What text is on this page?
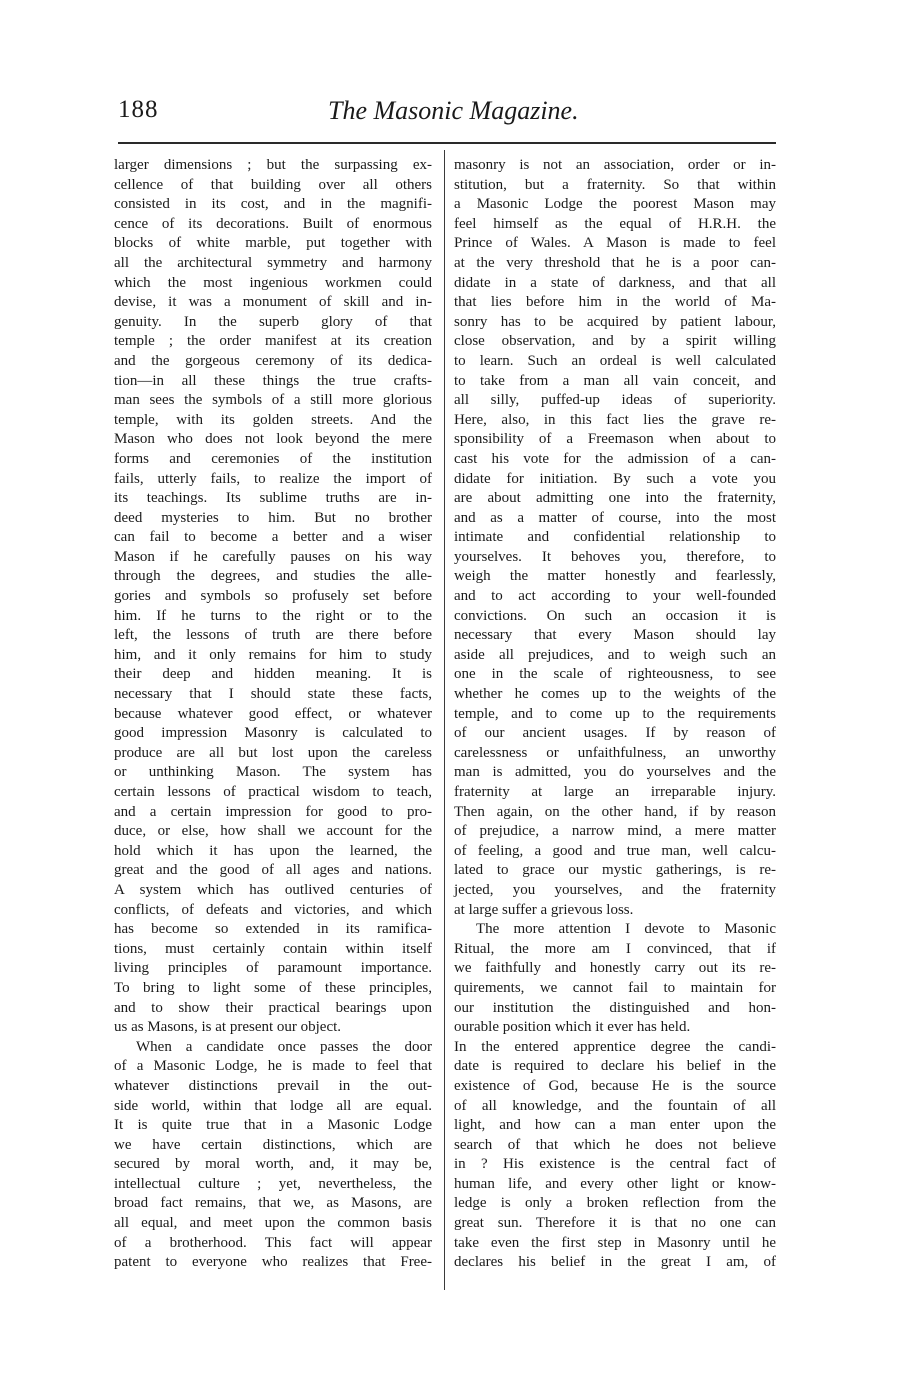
188	The Masonic Magazine.
larger dimensions ; but the surpassing ex-
cellence of that building over all others
consisted in its cost, and in the magnifi-
cence of its decorations. Built of enormous
blocks of white marble, put together with
all the architectural symmetry and harmony
which the most ingenious workmen could
devise, it was a monument of skill and in-
genuity. In the superb glory of that
temple ; the order manifest at its creation
and the gorgeous ceremony of its dedica-
tion—in all these things the true crafts-
man sees the symbols of a still more glorious
temple, with its golden streets. And the
Mason who does not look beyond the mere
forms and ceremonies of the institution
fails, utterly fails, to realize the import of
its teachings. Its sublime truths are in-
deed mysteries to him. But no brother
can fail to become a better and a wiser
Mason if he carefully pauses on his way
through the degrees, and studies the alle-
gories and symbols so profusely set before
him. If he turns to the right or to the
left, the lessons of truth are there before
him, and it only remains for him to study
their deep and hidden meaning. It is
necessary that I should state these facts,
because whatever good effect, or whatever
good impression Masonry is calculated to
produce are all but lost upon the careless
or unthinking Mason. The system has
certain lessons of practical wisdom to teach,
and a certain impression for good to pro-
duce, or else, how shall we account for the
hold which it has upon the learned, the
great and the good of all ages and nations.
A system which has outlived centuries of
conflicts, of defeats and victories, and which
has become so extended in its ramifica-
tions, must certainly contain within itself
living principles of paramount importance.
To bring to light some of these principles,
and to show their practical bearings upon
us as Masons, is at present our object.
When a candidate once passes the door
of a Masonic Lodge, he is made to feel that
whatever distinctions prevail in the out-
side world, within that lodge all are equal.
It is quite true that in a Masonic Lodge
we have certain distinctions, which are
secured by moral worth, and, it may be,
intellectual culture ; yet, nevertheless, the
broad fact remains, that we, as Masons, are
all equal, and meet upon the common basis
of a brotherhood. This fact will appear
patent to everyone who realizes that Free-
masonry is not an association, order or in-
stitution, but a fraternity. So that within
a Masonic Lodge the poorest Mason may
feel himself as the equal of H.R.H. the
Prince of Wales. A Mason is made to feel
at the very threshold that he is a poor can-
didate in a state of darkness, and that all
that lies before him in the world of Ma-
sonry has to be acquired by patient labour,
close observation, and by a spirit willing
to learn. Such an ordeal is well calculated
to take from a man all vain conceit, and
all silly, puffed-up ideas of superiority.
Here, also, in this fact lies the grave re-
sponsibility of a Freemason when about to
cast his vote for the admission of a can-
didate for initiation. By such a vote you
are about admitting one into the fraternity,
and as a matter of course, into the most
intimate and confidential relationship to
yourselves. It behoves you, therefore, to
weigh the matter honestly and fearlessly,
and to act according to your well-founded
convictions. On such an occasion it is
necessary that every Mason should lay
aside all prejudices, and to weigh such an
one in the scale of righteousness, to see
whether he comes up to the weights of the
temple, and to come up to the requirements
of our ancient usages. If by reason of
carelessness or unfaithfulness, an unworthy
man is admitted, you do yourselves and the
fraternity at large an irreparable injury.
Then again, on the other hand, if by reason
of prejudice, a narrow mind, a mere matter
of feeling, a good and true man, well calcu-
lated to grace our mystic gatherings, is re-
jected, you yourselves, and the fraternity
at large suffer a grievous loss.
The more attention I devote to Masonic
Ritual, the more am I convinced, that if
we faithfully and honestly carry out its re-
quirements, we cannot fail to maintain for
our institution the distinguished and hon-
ourable position which it ever has held.
In the entered apprentice degree the candi-
date is required to declare his belief in the
existence of God, because He is the source
of all knowledge, and the fountain of all
light, and how can a man enter upon the
search of that which he does not believe
in ? His existence is the central fact of
human life, and every other light or know-
ledge is only a broken reflection from the
great sun. Therefore it is that no one can
take even the first step in Masonry until he
declares his belief in the great I am, of
